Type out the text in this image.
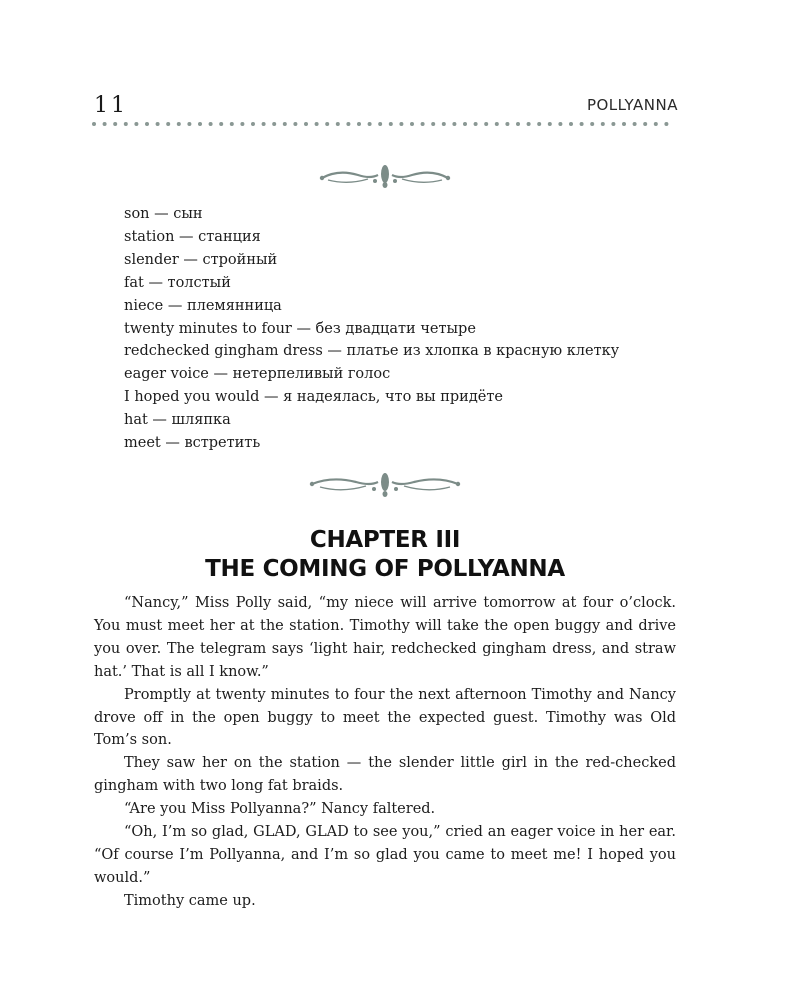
11	POLLYANNA
son — сын
station — станция
slender — стройный
fat — толстый
niece — племянница
twenty minutes to four — без двадцати четыре
redchecked gingham dress — платье из хлопка в красную клетку
eager voice — нетерпеливый голос
I hoped you would — я надеялась, что вы придёте
hat — шляпка
meet — встретить
CHAPTER III
THE COMING OF POLLYANNA

“Nancy,” Miss Polly said, “my niece will arrive tomorrow at four o’clock. You must meet her at the station. Timothy will take the open buggy and drive you over. The telegram says ‘light hair, redchecked gingham dress, and straw hat.’ That is all I know.”

Promptly at twenty minutes to four the next afternoon Timothy and Nancy drove off in the open buggy to meet the expected guest. Timothy was Old Tom’s son.

They saw her on the station — the slender little girl in the red-checked gingham with two long fat braids.

“Are you Miss Pollyanna?” Nancy faltered.

“Oh, I’m so glad, GLAD, GLAD to see you,” cried an eager voice in her ear. “Of course I’m Pollyanna, and I’m so glad you came to meet me! I hoped you would.”

Timothy came up.
